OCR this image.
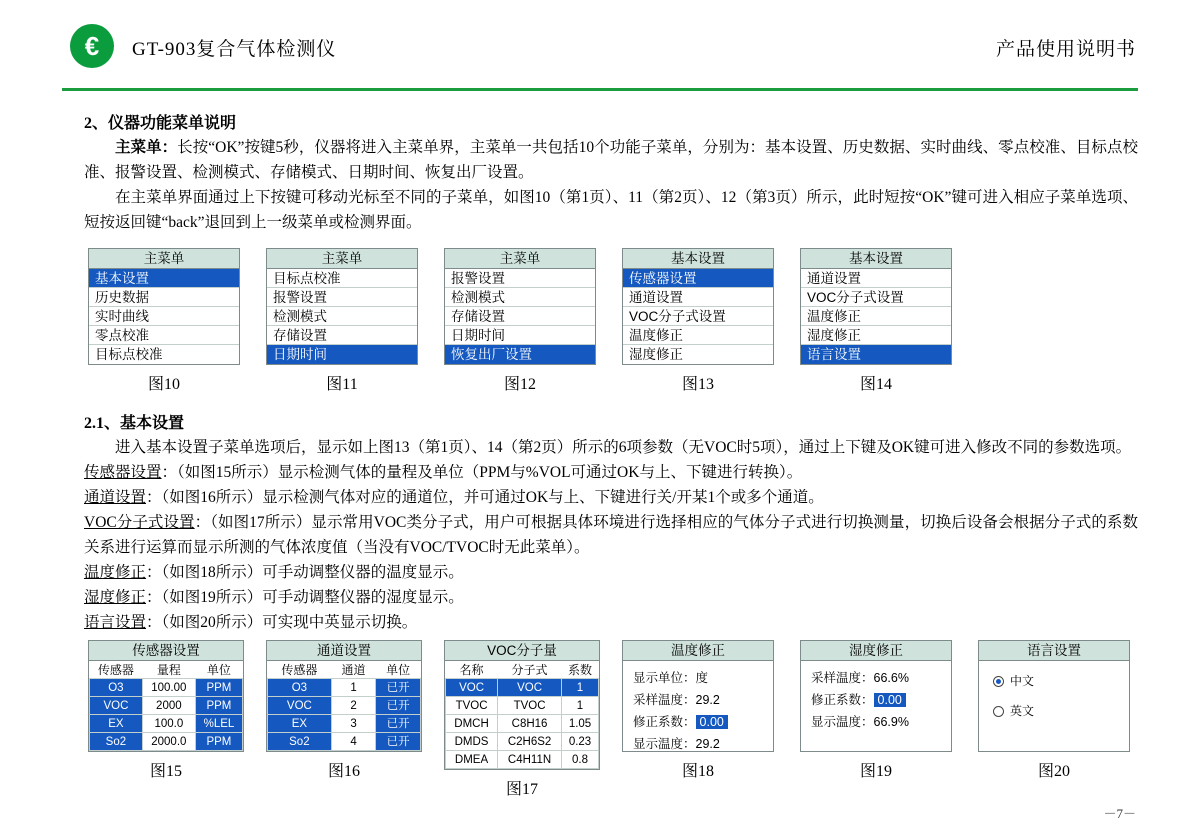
€ GT-903复合气体检测仪	产品使用说明书
2、仪器功能菜单说明

主菜单：长按“OK”按键5秒，仪器将进入主菜单界，主菜单一共包括10个功能子菜单，分别为：基本设置、历史数据、实时曲线、零点校准、目标点校准、报警设置、检测模式、存储模式、日期时间、恢复出厂设置。

在主菜单界面通过上下按键可移动光标至不同的子菜单，如图10（第1页）、11（第2页）、12（第3页）所示，此时短按“OK”键可进入相应子菜单选项、短按返回键“back”退回到上一级菜单或检测界面。

主菜单
基本设置
历史数据
实时曲线
零点校准
目标点校准
图10
主菜单
目标点校准
报警设置
检测模式
存储设置
日期时间
图11
主菜单
报警设置
检测模式
存储设置
日期时间
恢复出厂设置
图12
基本设置
传感器设置
通道设置
VOC分子式设置
温度修正
湿度修正
图13
基本设置
通道设置
VOC分子式设置
温度修正
湿度修正
语言设置
图14
2.1、基本设置

进入基本设置子菜单选项后，显示如上图13（第1页）、14（第2页）所示的6项参数（无VOC时5项），通过上下键及OK键可进入修改不同的参数选项。

传感器设置：（如图15所示）显示检测气体的量程及单位（PPM与%VOL可通过OK与上、下键进行转换）。

通道设置：（如图16所示）显示检测气体对应的通道位，并可通过OK与上、下键进行关/开某1个或多个通道。

VOC分子式设置：（如图17所示）显示常用VOC类分子式，用户可根据具体环境进行选择相应的气体分子式进行切换测量，切换后设备会根据分子式的系数关系进行运算而显示所测的气体浓度值（当没有VOC/TVOC时无此菜单）。

温度修正：（如图18所示）可手动调整仪器的温度显示。

湿度修正：（如图19所示）可手动调整仪器的湿度显示。

语言设置：（如图20所示）可实现中英显示切换。

传感器设置
传感器	量程	单位
O3	100.00	PPM
VOC	2000	PPM
EX	100.0	%LEL
So2	2000.0	PPM
图15
通道设置
传感器	通道	单位
O3	1	已开
VOC	2	已开
EX	3	已开
So2	4	已开
图16
VOC分子量
名称	分子式	系数
VOC	VOC	1
TVOC	TVOC	1
DMCH	C8H16	1.05
DMDS	C2H6S2	0.23
DMEA	C4H11N	0.8
图17
温度修正
显示单位：度
采样温度：29.2
修正系数： 0.00
显示温度：29.2
图18
湿度修正
采样温度：66.6%
修正系数： 0.00
显示温度：66.9%
图19
语言设置
中文
英文
图20
－7－
